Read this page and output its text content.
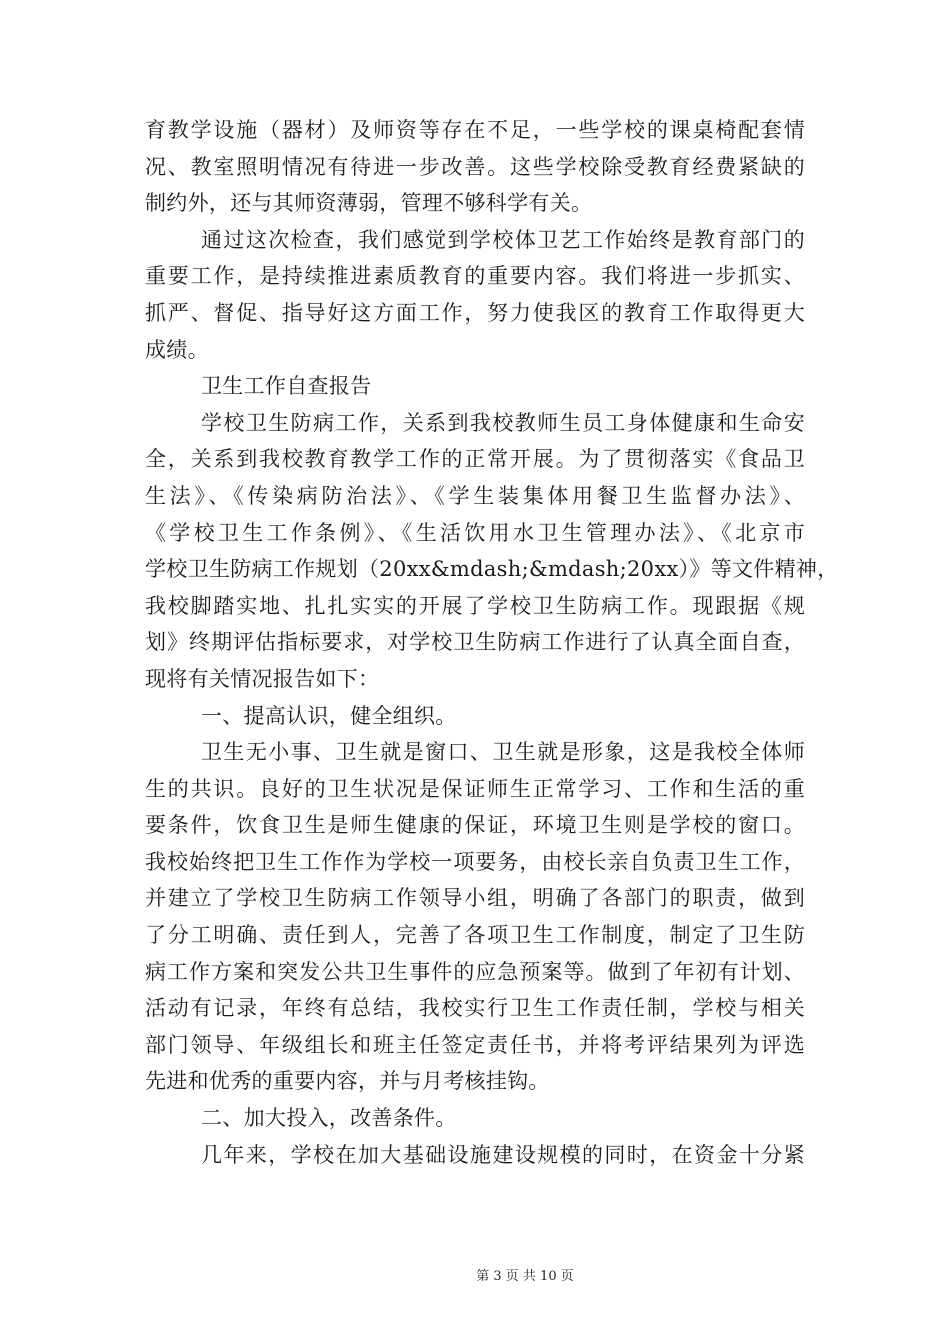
育教学设施（器材）及师资等存在不足，一些学校的课桌椅配套情
况、教室照明情况有待进一步改善。这些学校除受教育经费紧缺的
制约外，还与其师资薄弱，管理不够科学有关。
通过这次检查，我们感觉到学校体卫艺工作始终是教育部门的
重要工作，是持续推进素质教育的重要内容。我们将进一步抓实、
抓严、督促、指导好这方面工作，努力使我区的教育工作取得更大
成绩。
卫生工作自查报告
学校卫生防病工作，关系到我校教师生员工身体健康和生命安
全，关系到我校教育教学工作的正常开展。为了贯彻落实《食品卫
生法》、《传染病防治法》、《学生装集体用餐卫生监督办法》、
《学校卫生工作条例》、《生活饮用水卫生管理办法》、《北京市
学校卫生防病工作规划（20xx&mdash;&mdash;20xx）》等文件精神，
我校脚踏实地、扎扎实实的开展了学校卫生防病工作。现跟据《规
划》终期评估指标要求，对学校卫生防病工作进行了认真全面自查，
现将有关情况报告如下：
一、提高认识，健全组织。
卫生无小事、卫生就是窗口、卫生就是形象，这是我校全体师
生的共识。良好的卫生状况是保证师生正常学习、工作和生活的重
要条件，饮食卫生是师生健康的保证，环境卫生则是学校的窗口。
我校始终把卫生工作作为学校一项要务，由校长亲自负责卫生工作，
并建立了学校卫生防病工作领导小组，明确了各部门的职责，做到
了分工明确、责任到人，完善了各项卫生工作制度，制定了卫生防
病工作方案和突发公共卫生事件的应急预案等。做到了年初有计划、
活动有记录，年终有总结，我校实行卫生工作责任制，学校与相关
部门领导、年级组长和班主任签定责任书，并将考评结果列为评选
先进和优秀的重要内容，并与月考核挂钩。
二、加大投入，改善条件。
几年来，学校在加大基础设施建设规模的同时，在资金十分紧
第 3 页 共 10 页
